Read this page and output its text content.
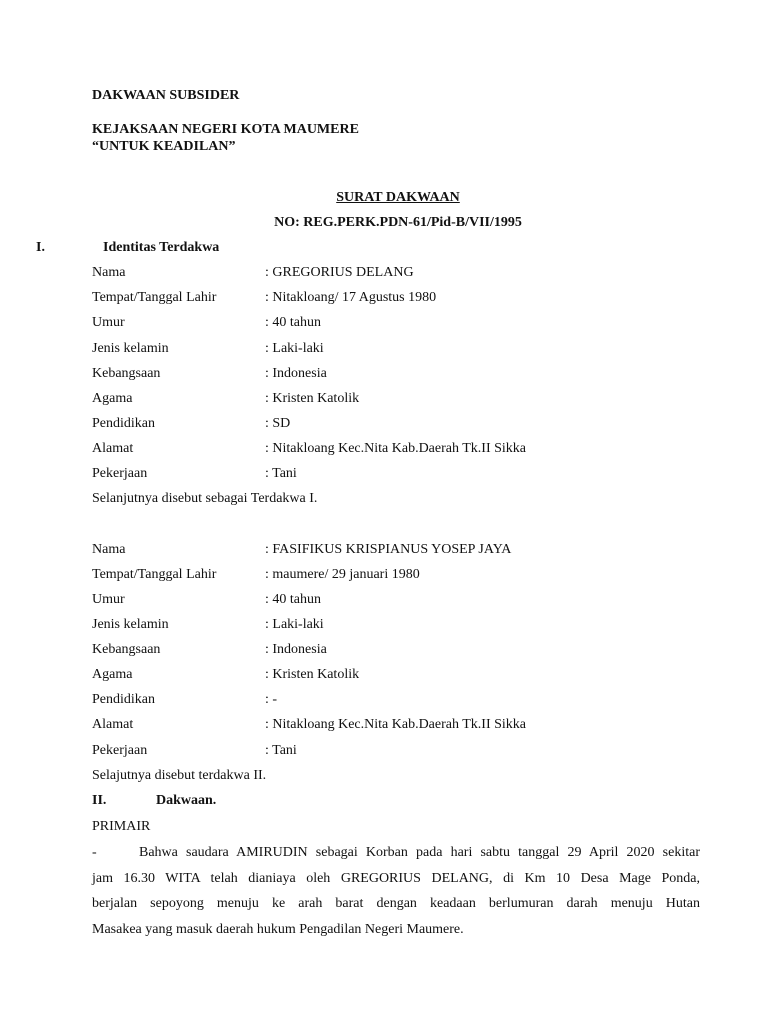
DAKWAAN SUBSIDER
KEJAKSAAN NEGERI KOTA MAUMERE
“UNTUK KEADILAN”
SURAT DAKWAAN
NO: REG.PERK.PDN-61/Pid-B/VII/1995
I.	Identitas Terdakwa
Nama	: GREGORIUS DELANG
Tempat/Tanggal Lahir	: Nitakloang/ 17 Agustus 1980
Umur	: 40 tahun
Jenis kelamin	: Laki-laki
Kebangsaan	: Indonesia
Agama	: Kristen Katolik
Pendidikan	: SD
Alamat	: Nitakloang Kec.Nita Kab.Daerah Tk.II Sikka
Pekerjaan	: Tani
Selanjutnya disebut sebagai Terdakwa I.
Nama	: FASIFIKUS KRISPIANUS YOSEP JAYA
Tempat/Tanggal Lahir	: maumere/ 29 januari 1980
Umur	: 40 tahun
Jenis kelamin	: Laki-laki
Kebangsaan	: Indonesia
Agama	: Kristen Katolik
Pendidikan	: -
Alamat	: Nitakloang Kec.Nita Kab.Daerah Tk.II Sikka
Pekerjaan	: Tani
Selajutnya disebut terdakwa II.
II.	Dakwaan.
PRIMAIR
-	Bahwa saudara AMIRUDIN sebagai Korban pada hari sabtu tanggal 29 April 2020 sekitar
jam 16.30 WITA telah dianiaya oleh GREGORIUS DELANG, di Km 10 Desa Mage Ponda,
berjalan sepoyong menuju ke arah barat dengan keadaan berlumuran darah menuju Hutan
Masakea yang masuk daerah hukum Pengadilan Negeri Maumere.
